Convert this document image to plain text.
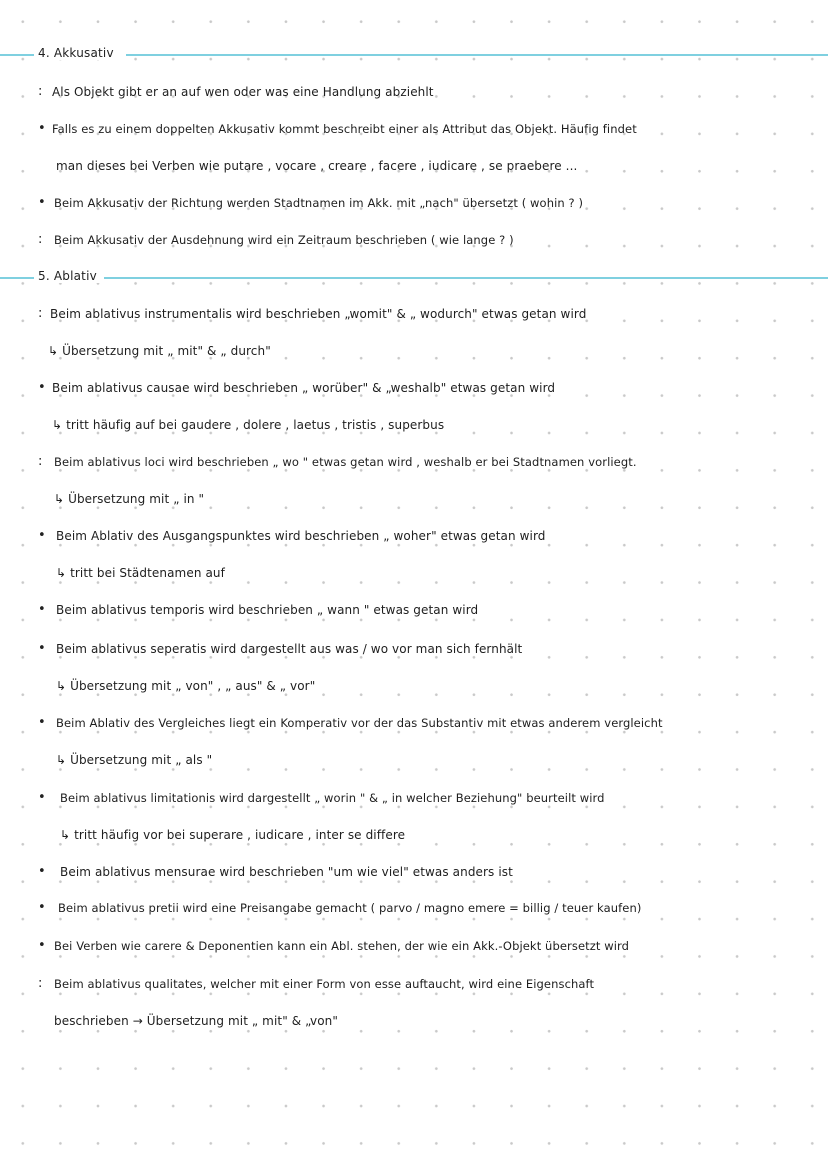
4. Akkusativ
: Als Objekt gibt er an auf wen oder was eine Handlung abziehlt
• Falls es zu einem doppelten Akkusativ kommt beschreibt einer als Attribut das Objekt. Häufig findet
man dieses bei Verben wie putare , vocare , creare , facere , iudicare , se praebere ...
• Beim Akkusativ der Richtung werden Stadtnamen im Akk. mit „nach" übersetzt ( wohin ? )
: Beim Akkusativ der Ausdehnung wird ein Zeitraum beschrieben ( wie lange ? )
5. Ablativ
: Beim ablativus instrumentalis wird beschrieben „womit" & „ wodurch" etwas getan wird
↳ Übersetzung mit „ mit" & „ durch"
• Beim ablativus causae wird beschrieben „ worüber" & „weshalb" etwas getan wird
↳ tritt häufig auf bei gaudere , dolere , laetus , tristis , superbus
: Beim ablativus loci wird beschrieben „ wo " etwas getan wird , weshalb er bei Stadtnamen vorliegt.
↳ Übersetzung mit „ in "
• Beim Ablativ des Ausgangspunktes wird beschrieben „ woher" etwas getan wird
↳ tritt bei Städtenamen auf
• Beim ablativus temporis wird beschrieben „ wann " etwas getan wird
• Beim ablativus seperatis wird dargestellt aus was / wo vor man sich fernhält
↳ Übersetzung mit „ von" , „ aus" & „ vor"
• Beim Ablativ des Vergleiches liegt ein Komperativ vor der das Substantiv mit etwas anderem vergleicht
↳ Übersetzung mit „ als "
• Beim ablativus limitationis wird dargestellt „ worin " & „ in welcher Beziehung" beurteilt wird
↳ tritt häufig vor bei superare , iudicare , inter se differe
• Beim ablativus mensurae wird beschrieben "um wie viel" etwas anders ist
• Beim ablativus pretii wird eine Preisangabe gemacht ( parvo / magno emere = billig / teuer kaufen)
• Bei Verben wie carere & Deponentien kann ein Abl. stehen, der wie ein Akk.-Objekt übersetzt wird
: Beim ablativus qualitates, welcher mit einer Form von esse auftaucht, wird eine Eigenschaft
beschrieben → Übersetzung mit „ mit" & „von"
